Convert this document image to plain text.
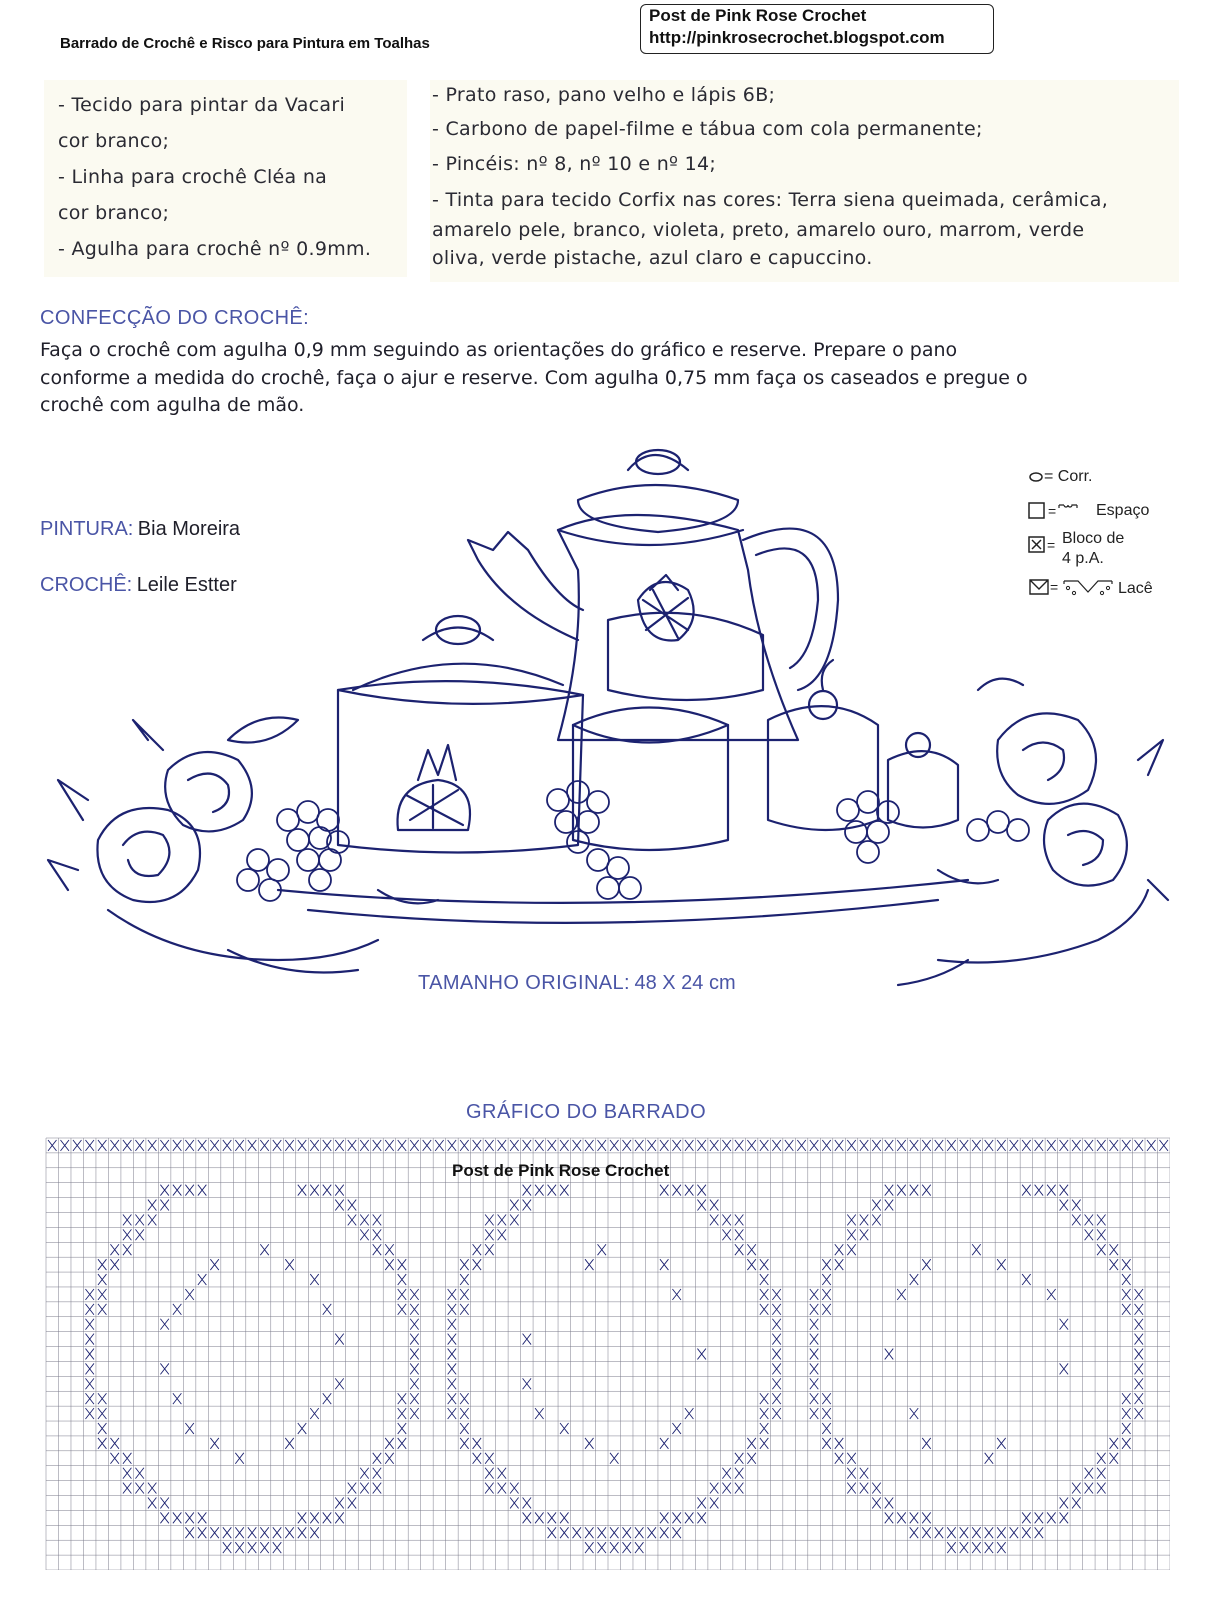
Barrado de Crochê e Risco para Pintura em Toalhas
Post de Pink Rose Crochet
http://pinkrosecrochet.blogspot.com
- Tecido para pintar da Vacari
cor branco;
- Linha para crochê Cléa na
cor branco;
- Agulha para crochê nº 0.9mm.
- Prato raso, pano velho e lápis 6B;
- Carbono de papel-filme e tábua com cola permanente;
- Pincéis: nº 8, nº 10 e nº 14;
- Tinta para tecido Corfix nas cores: Terra siena queimada, cerâmica,
amarelo pele, branco, violeta, preto, amarelo ouro, marrom, verde
oliva, verde pistache, azul claro e capuccino.
CONFECÇÃO DO CROCHÊ:
Faça o crochê com agulha 0,9 mm seguindo as orientações do gráfico e reserve. Prepare o pano
conforme a medida do crochê, faça o ajur e reserve. Com agulha 0,75 mm faça os caseados e pregue o
crochê com agulha de mão.
PINTURA: Bia Moreira
CROCHÊ: Leile Estter
= Corr.
= Espaço
= Bloco de
4 p.A.
=	Lacê
TAMANHO ORIGINAL: 48 X 24 cm
GRÁFICO DO BARRADO
Post de Pink Rose Crochet
